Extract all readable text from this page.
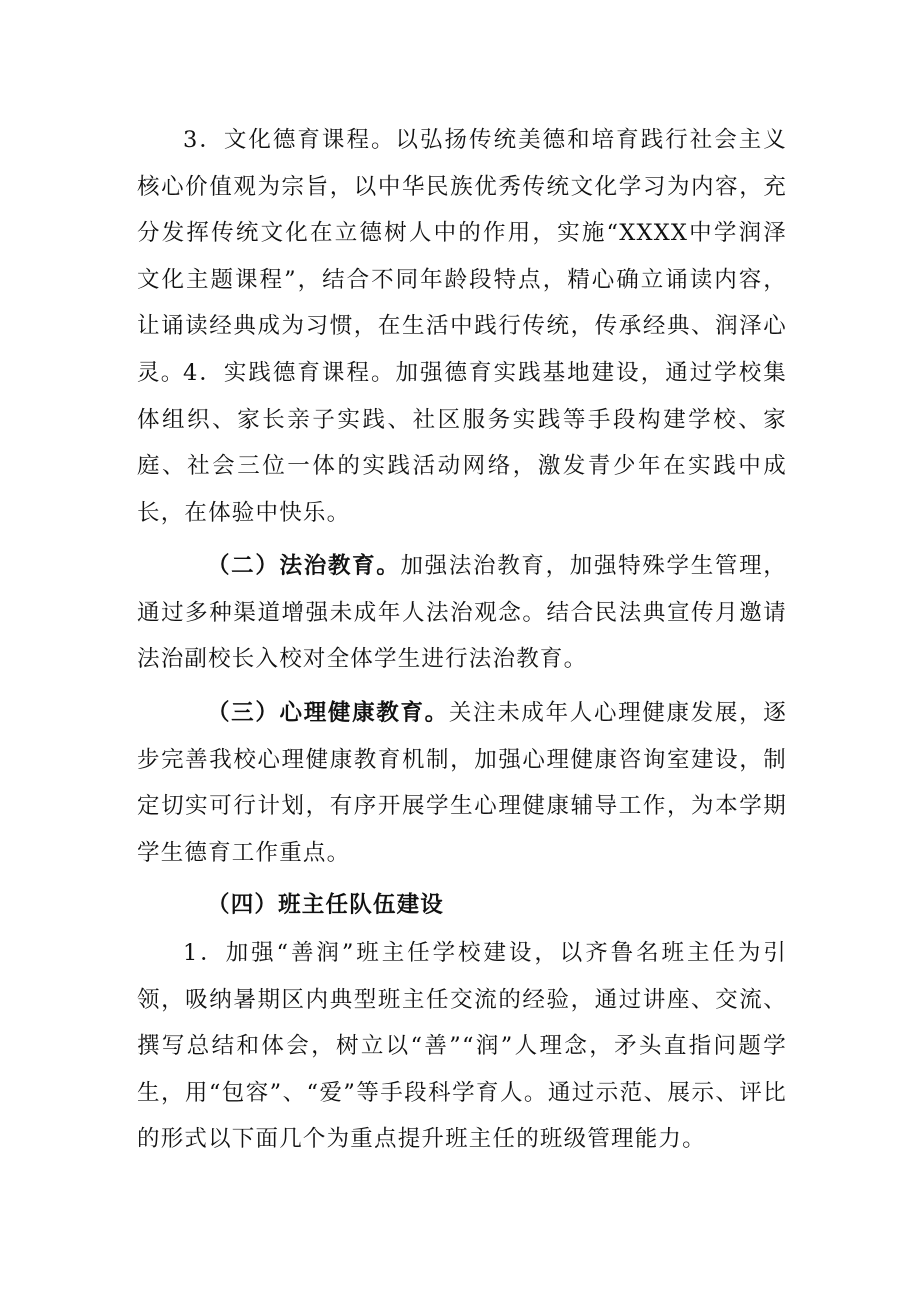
3．文化德育课程。以弘扬传统美德和培育践行社会主义核心价值观为宗旨，以中华民族优秀传统文化学习为内容，充分发挥传统文化在立德树人中的作用，实施“XXXX中学润泽文化主题课程”，结合不同年龄段特点，精心确立诵读内容，让诵读经典成为习惯，在生活中践行传统，传承经典、润泽心灵。

4．实践德育课程。加强德育实践基地建设，通过学校集体组织、家长亲子实践、社区服务实践等手段构建学校、家庭、社会三位一体的实践活动网络，激发青少年在实践中成长，在体验中快乐。

（二）法治教育。加强法治教育，加强特殊学生管理，通过多种渠道增强未成年人法治观念。结合民法典宣传月邀请法治副校长入校对全体学生进行法治教育。

（三）心理健康教育。关注未成年人心理健康发展，逐步完善我校心理健康教育机制，加强心理健康咨询室建设，制定切实可行计划，有序开展学生心理健康辅导工作，为本学期学生德育工作重点。

（四）班主任队伍建设

1．加强“善润”班主任学校建设，以齐鲁名班主任为引领，吸纳暑期区内典型班主任交流的经验，通过讲座、交流、撰写总结和体会，树立以“善”“润”人理念，矛头直指问题学生，用“包容”、“爱”等手段科学育人。通过示范、展示、评比的形式以下面几个为重点提升班主任的班级管理能力。
